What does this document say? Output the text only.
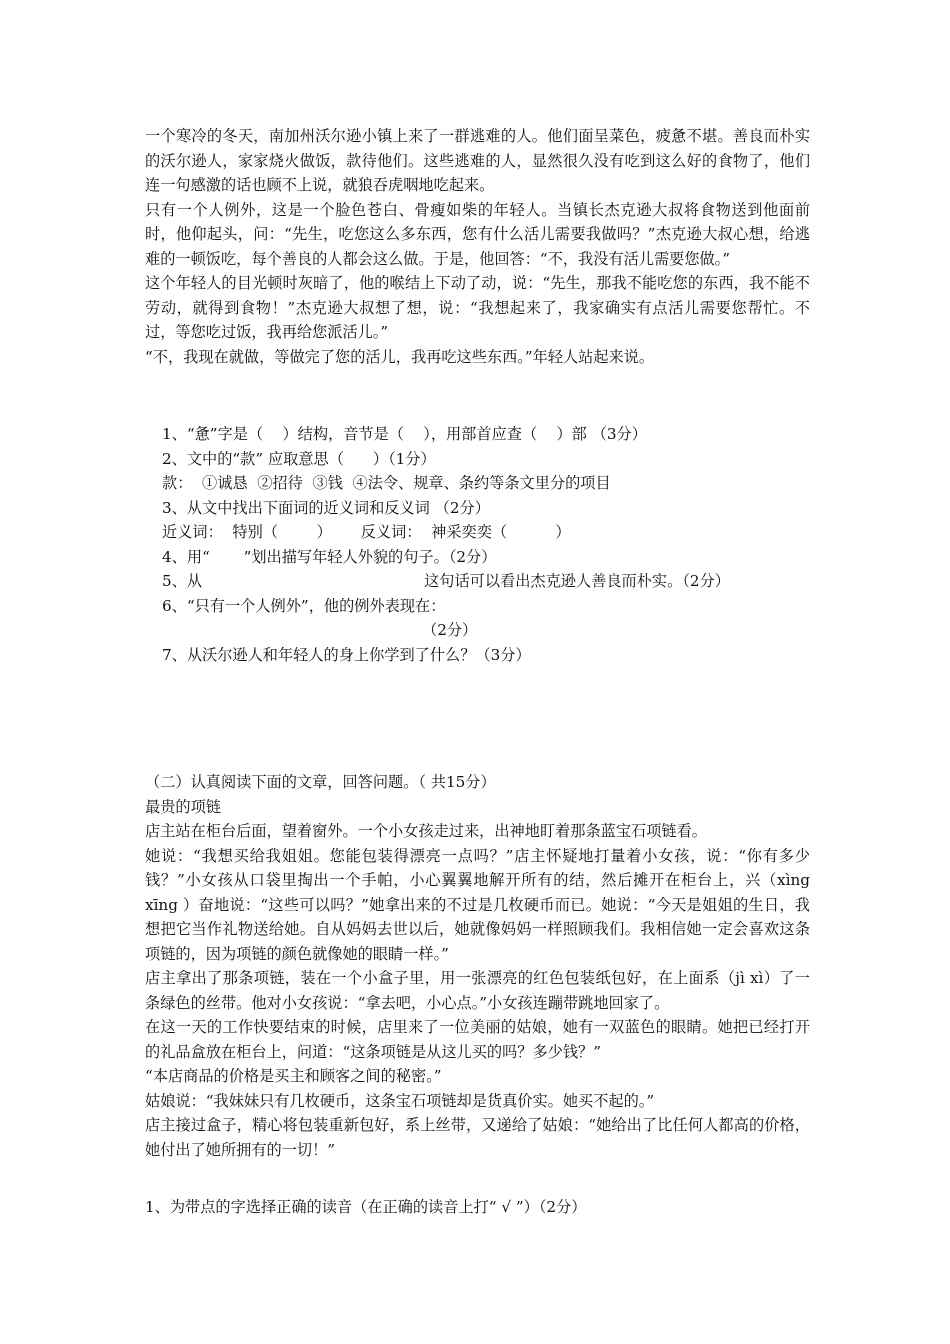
一个寒冷的冬天，南加州沃尔逊小镇上来了一群逃难的人。他们面呈菜色，疲惫不堪。善良而朴实的沃尔逊人，家家烧火做饭，款待他们。这些逃难的人，显然很久没有吃到这么好的食物了，他们连一句感激的话也顾不上说，就狼吞虎咽地吃起来。

只有一个人例外，这是一个脸色苍白、骨瘦如柴的年轻人。当镇长杰克逊大叔将食物送到他面前时，他仰起头，问：“先生，吃您这么多东西，您有什么活儿需要我做吗？”杰克逊大叔心想，给逃难的一顿饭吃，每个善良的人都会这么做。于是，他回答：“不，我没有活儿需要您做。”

这个年轻人的目光顿时灰暗了，他的喉结上下动了动，说：“先生，那我不能吃您的东西，我不能不劳动，就得到食物！”杰克逊大叔想了想，说：“我想起来了，我家确实有点活儿需要您帮忙。不过，等您吃过饭，我再给您派活儿。”

“不，我现在就做，等做完了您的活儿，我再吃这些东西。”年轻人站起来说。

1、“惫”字是（    ）结构，音节是（    ），用部首应查（    ）部 （3分）

2、文中的“款” 应取意思（      ）（1分）

款：  ①诚恳  ②招待  ③钱  ④法令、规章、条约等条文里分的项目

3、从文中找出下面词的近义词和反义词 （2分）

近义词：  特别（        ）      反义词：  神采奕奕（          ）

4、用“       ”划出描写年轻人外貌的句子。（2分）

5、从                                              这句话可以看出杰克逊人善良而朴实。（2分）

6、“只有一个人例外”，他的例外表现在：

（2分）

7、从沃尔逊人和年轻人的身上你学到了什么？（3分）

（二）认真阅读下面的文章，回答问题。（ 共15分）

最贵的项链

店主站在柜台后面，望着窗外。一个小女孩走过来，出神地盯着那条蓝宝石项链看。

她说：“我想买给我姐姐。您能包装得漂亮一点吗？”店主怀疑地打量着小女孩，说：“你有多少钱？”小女孩从口袋里掏出一个手帕，小心翼翼地解开所有的结，然后摊开在柜台上，兴（xìng xīng ）奋地说：“这些可以吗？”她拿出来的不过是几枚硬币而已。她说：“今天是姐姐的生日，我想把它当作礼物送给她。自从妈妈去世以后，她就像妈妈一样照顾我们。我相信她一定会喜欢这条项链的，因为项链的颜色就像她的眼睛一样。”

店主拿出了那条项链，装在一个小盒子里，用一张漂亮的红色包装纸包好，在上面系（jì xì）了一条绿色的丝带。他对小女孩说：“拿去吧，小心点。”小女孩连蹦带跳地回家了。

在这一天的工作快要结束的时候，店里来了一位美丽的姑娘，她有一双蓝色的眼睛。她把已经打开的礼品盒放在柜台上，问道：“这条项链是从这儿买的吗？多少钱？”

“本店商品的价格是买主和顾客之间的秘密。”

姑娘说：“我妹妹只有几枚硬币，这条宝石项链却是货真价实。她买不起的。”

店主接过盒子，精心将包装重新包好，系上丝带，又递给了姑娘：“她给出了比任何人都高的价格，她付出了她所拥有的一切！”

1、为带点的字选择正确的读音（在正确的读音上打“ √ ”）（2分）
